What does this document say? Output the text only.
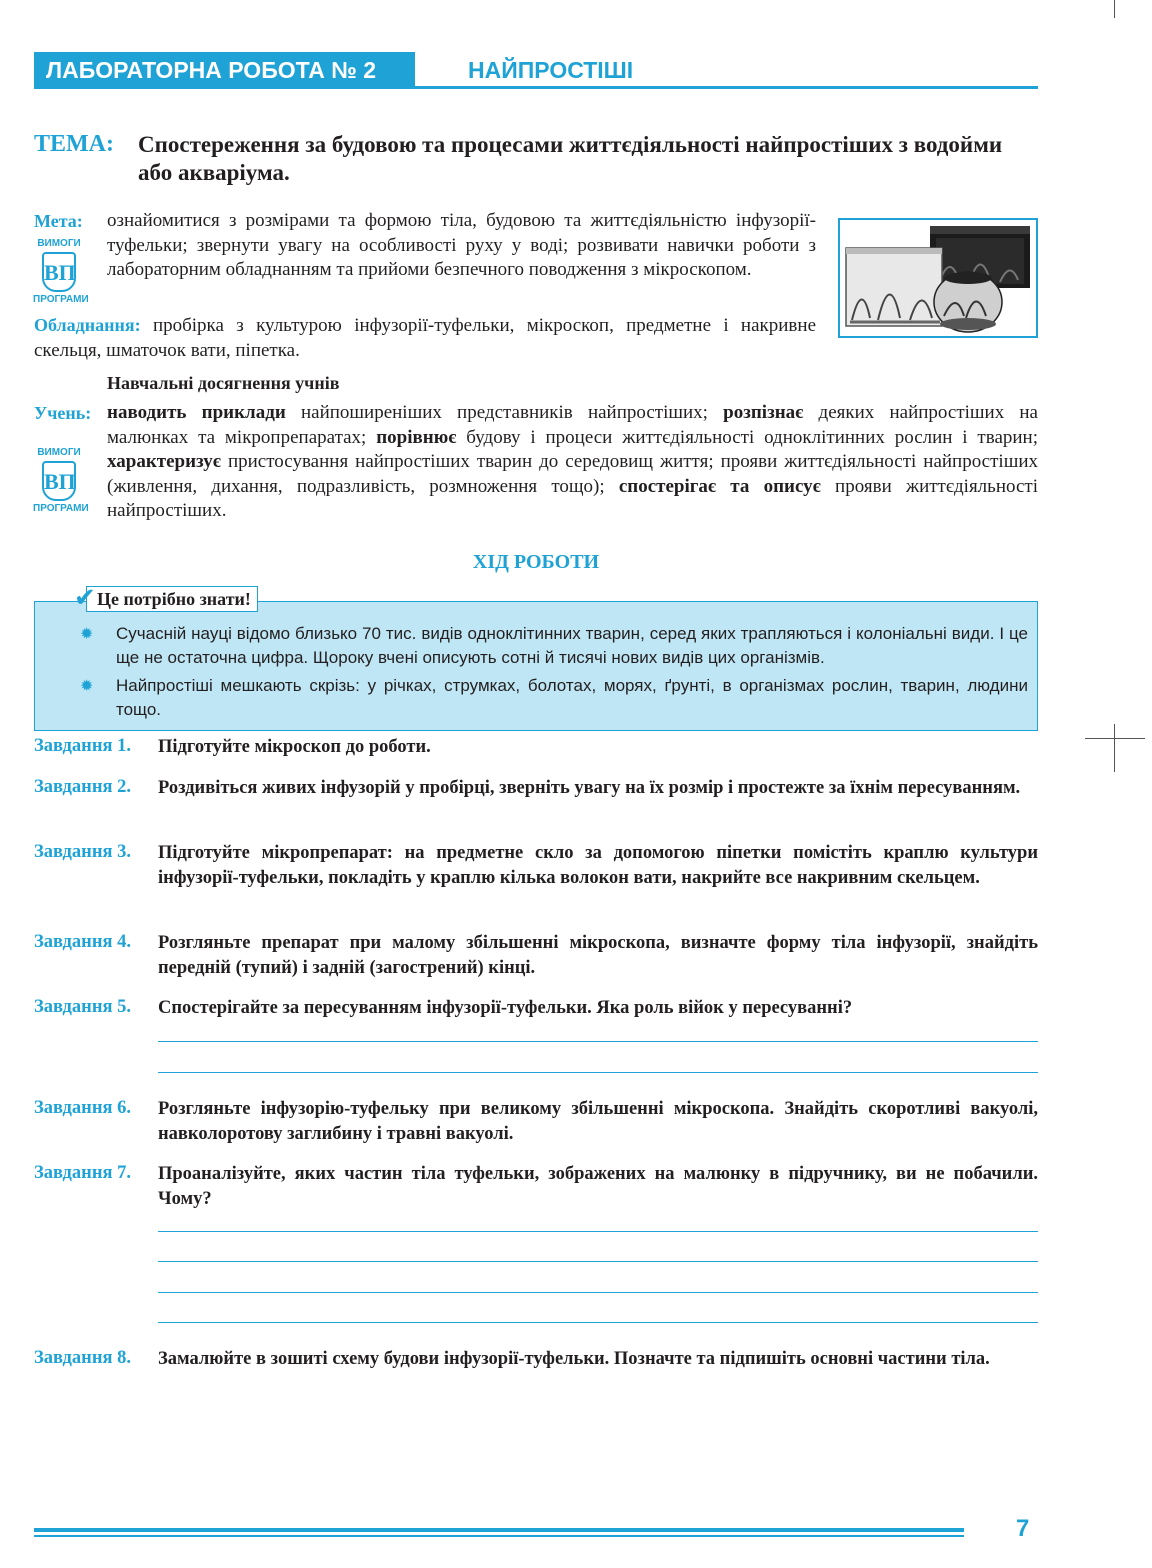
ЛАБОРАТОРНА РОБОТА № 2	НАЙПРОСТІШІ
ТЕМА: Спостереження за будовою та процесами життєдіяльності найпростіших з водойми або акваріума.
Мета: ознайомитися з розмірами та формою тіла, будовою та життєдіяльністю інфузорії-туфельки; звернути увагу на особливості руху у воді; розвивати навички роботи з лабораторним обладнанням та прийоми безпечного поводження з мікроскопом.
ВИМОГИ
ВП
ПРОГРАМИ
Обладнання: пробірка з культурою інфузорії-туфельки, мікроскоп, предметне і накривне скельця, шматочок вати, піпетка.
Навчальні досягнення учнів
Учень: наводить приклади найпоширеніших представників найпростіших; розпізнає деяких найпростіших на малюнках та мікропрепаратах; порівнює будову і процеси життєдіяльності одноклітинних рослин і тварин; характеризує пристосування найпростіших тварин до середовищ життя; прояви життєдіяльності найпростіших (живлення, дихання, подразливість, розмноження тощо); спостерігає та описує прояви життєдіяльності найпростіших.
ВИМОГИ
ВП
ПРОГРАМИ
ХІД РОБОТИ
✹ Сучасній науці відомо близько 70 тис. видів одноклітинних тварин, серед яких трапляються і колоніальні види. І це ще не остаточна цифра. Щороку вчені описують сотні й тисячі нових видів цих організмів.
✹ Найпростіші мешкають скрізь: у річках, струмках, болотах, морях, ґрунті, в організмах рослин, тварин, людини тощо.
Це потрібно знати!
✔
Завдання 1. Підготуйте мікроскоп до роботи.
Завдання 2. Роздивіться живих інфузорій у пробірці, зверніть увагу на їх розмір і простежте за їхнім пересуванням.
Завдання 3. Підготуйте мікропрепарат: на предметне скло за допомогою піпетки помістіть краплю культури інфузорії-туфельки, покладіть у краплю кілька волокон вати, накрийте все накривним скельцем.
Завдання 4. Розгляньте препарат при малому збільшенні мікроскопа, визначте форму тіла інфузорії, знайдіть передній (тупий) і задній (загострений) кінці.
Завдання 5. Спостерігайте за пересуванням інфузорії-туфельки. Яка роль війок у пересуванні?
Завдання 6. Розгляньте інфузорію-туфельку при великому збільшенні мікроскопа. Знайдіть скоротливі вакуолі, навколоротову заглибину і травні вакуолі.
Завдання 7. Проаналізуйте, яких частин тіла туфельки, зображених на малюнку в підручнику, ви не побачили. Чому?
Завдання 8. Замалюйте в зошиті схему будови інфузорії-туфельки. Позначте та підпишіть основні частини тіла.
7
